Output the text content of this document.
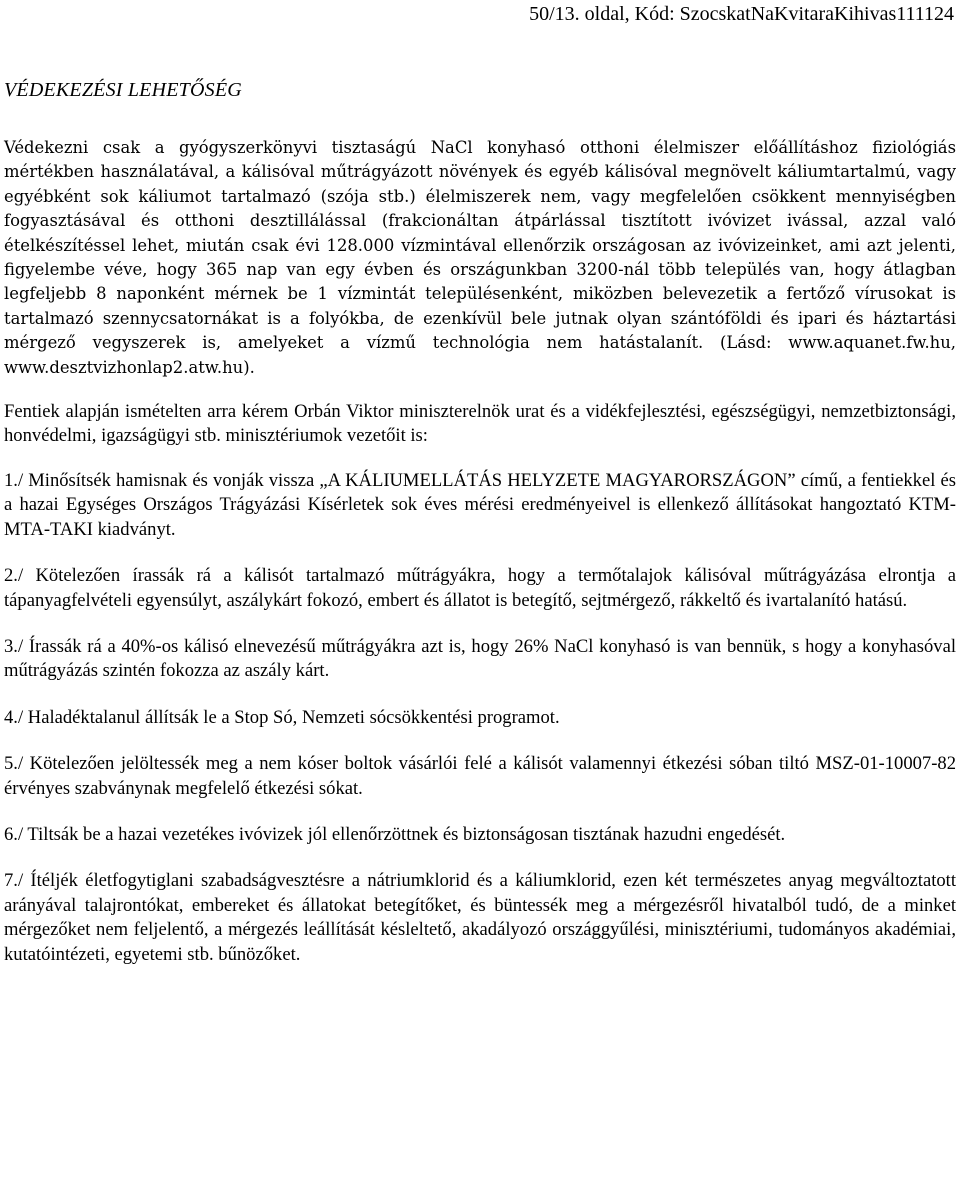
50/13. oldal, Kód: SzocskatNaKvitaraKihivas111124
VÉDEKEZÉSI LEHETŐSÉG

Védekezni csak a gyógyszerkönyvi tisztaságú NaCl konyhasó otthoni élelmiszer előállításhoz fiziológiás mértékben használatával, a kálisóval műtrágyázott növények és egyéb kálisóval megnövelt káliumtartalmú, vagy egyébként sok káliumot tartalmazó (szója stb.) élelmiszerek nem, vagy megfelelően csökkent mennyiségben fogyasztásával és otthoni desztillálással (frakcionáltan átpárlással tisztított ivóvizet ivással, azzal való ételkészítéssel lehet, miután csak évi 128.000 vízmintával ellenőrzik országosan az ivóvizeinket, ami azt jelenti, figyelembe véve, hogy 365 nap van egy évben és országunkban 3200-nál több település van, hogy átlagban legfeljebb 8 naponként mérnek be 1 vízmintát településenként, miközben belevezetik a fertőző vírusokat is tartalmazó szennycsatornákat is a folyókba, de ezenkívül bele jutnak olyan szántóföldi és ipari és háztartási mérgező vegyszerek is, amelyeket a vízmű technológia nem hatástalanít. (Lásd: www.aquanet.fw.hu, www.desztvizhonlap2.atw.hu).

Fentiek alapján ismételten arra kérem Orbán Viktor miniszterelnök urat és a vidékfejlesztési, egészségügyi, nemzetbiztonsági, honvédelmi, igazságügyi stb. minisztériumok vezetőit is:

1./ Minősítsék hamisnak és vonják vissza „A KÁLIUMELLÁTÁS HELYZETE MAGYARORSZÁGON” című, a fentiekkel és a hazai Egységes Országos Trágyázási Kísérletek sok éves mérési eredményeivel is ellenkező állításokat hangoztató KTM-MTA-TAKI kiadványt.

2./ Kötelezően írassák rá a kálisót tartalmazó műtrágyákra, hogy a termőtalajok kálisóval műtrágyázása elrontja a tápanyagfelvételi egyensúlyt, aszálykárt fokozó, embert és állatot is betegítő, sejtmérgező, rákkeltő és ivartalanító hatású.

3./ Írassák rá a 40%-os kálisó elnevezésű műtrágyákra azt is, hogy 26% NaCl konyhasó is van bennük, s hogy a konyhasóval műtrágyázás szintén fokozza az aszály kárt.

4./ Haladéktalanul állítsák le a Stop Só, Nemzeti sócsökkentési programot.

5./ Kötelezően jelöltessék meg a nem kóser boltok vásárlói felé a kálisót valamennyi étkezési sóban tiltó MSZ-01-10007-82 érvényes szabványnak megfelelő étkezési sókat.

6./ Tiltsák be a hazai vezetékes ivóvizek jól ellenőrzöttnek és biztonságosan tisztának hazudni engedését.

7./ Ítéljék életfogytiglani szabadságvesztésre a nátriumklorid és a káliumklorid, ezen két természetes anyag megváltoztatott arányával talajrontókat, embereket és állatokat betegítőket, és büntessék meg a mérgezésről hivatalból tudó, de a minket mérgezőket nem feljelentő, a mérgezés leállítását késleltető, akadályozó országgyűlési, minisztériumi, tudományos akadémiai, kutatóintézeti, egyetemi stb. bűnözőket.
